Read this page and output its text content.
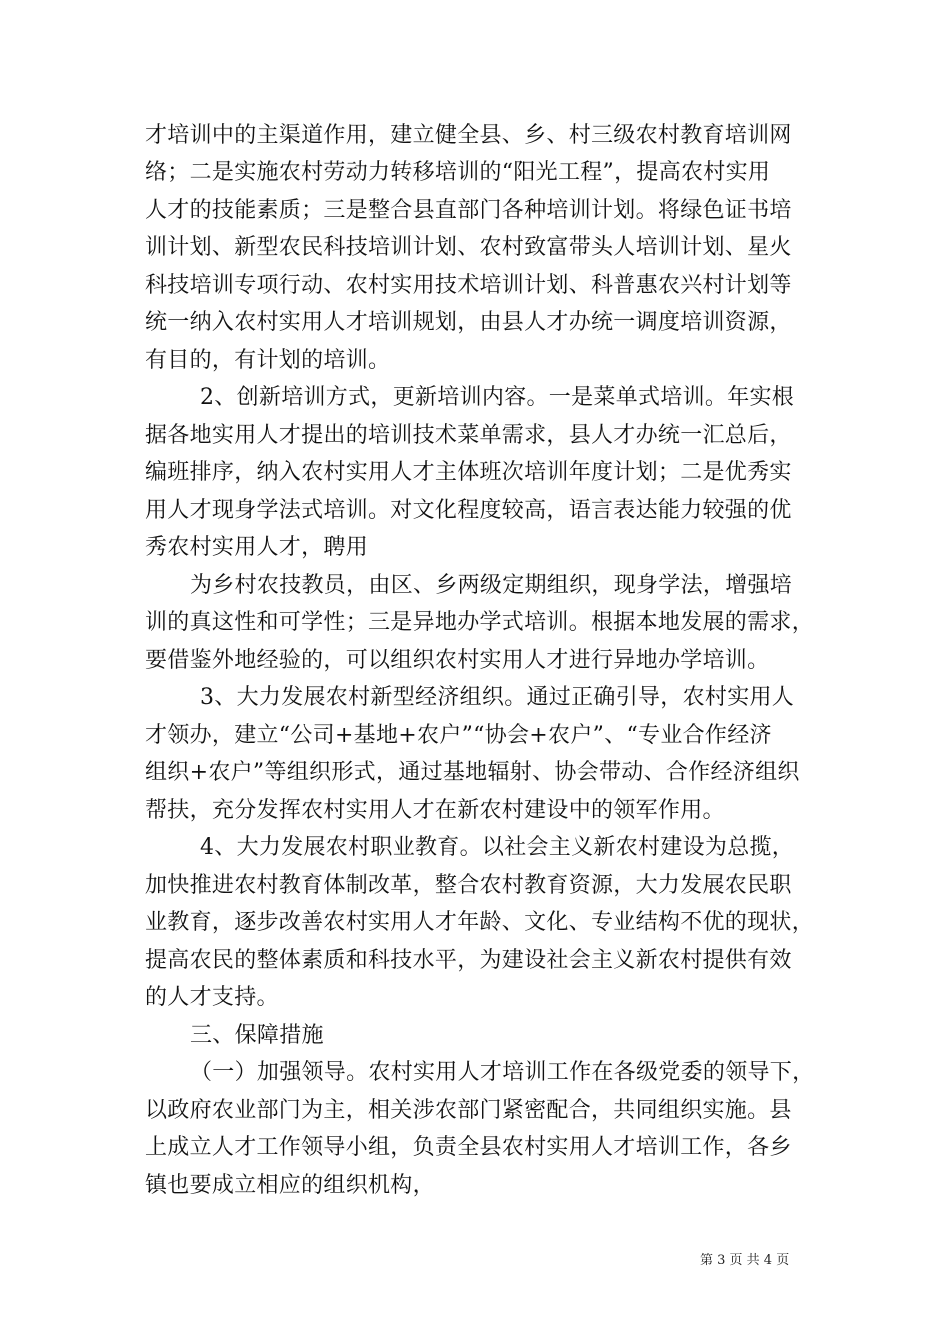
才培训中的主渠道作用，建立健全县、乡、村三级农村教育培训网
络；二是实施农村劳动力转移培训的“阳光工程”，提高农村实用
人才的技能素质；三是整合县直部门各种培训计划。将绿色证书培
训计划、新型农民科技培训计划、农村致富带头人培训计划、星火
科技培训专项行动、农村实用技术培训计划、科普惠农兴村计划等
统一纳入农村实用人才培训规划，由县人才办统一调度培训资源，
有目的，有计划的培训。
2、创新培训方式，更新培训内容。一是菜单式培训。年实根
据各地实用人才提出的培训技术菜单需求，县人才办统一汇总后，
编班排序，纳入农村实用人才主体班次培训年度计划；二是优秀实
用人才现身学法式培训。对文化程度较高，语言表达能力较强的优
秀农村实用人才，聘用
为乡村农技教员，由区、乡两级定期组织，现身学法，增强培
训的真这性和可学性；三是异地办学式培训。根据本地发展的需求，
要借鉴外地经验的，可以组织农村实用人才进行异地办学培训。
3、大力发展农村新型经济组织。通过正确引导，农村实用人
才领办，建立“公司+基地+农户”“协会+农户”、“专业合作经济
组织+农户”等组织形式，通过基地辐射、协会带动、合作经济组织
帮扶，充分发挥农村实用人才在新农村建设中的领军作用。
4、大力发展农村职业教育。以社会主义新农村建设为总揽，
加快推进农村教育体制改革，整合农村教育资源，大力发展农民职
业教育，逐步改善农村实用人才年龄、文化、专业结构不优的现状，
提高农民的整体素质和科技水平，为建设社会主义新农村提供有效
的人才支持。
三、保障措施
（一）加强领导。农村实用人才培训工作在各级党委的领导下，
以政府农业部门为主，相关涉农部门紧密配合，共同组织实施。县
上成立人才工作领导小组，负责全县农村实用人才培训工作，各乡
镇也要成立相应的组织机构，
第 3 页 共 4 页
